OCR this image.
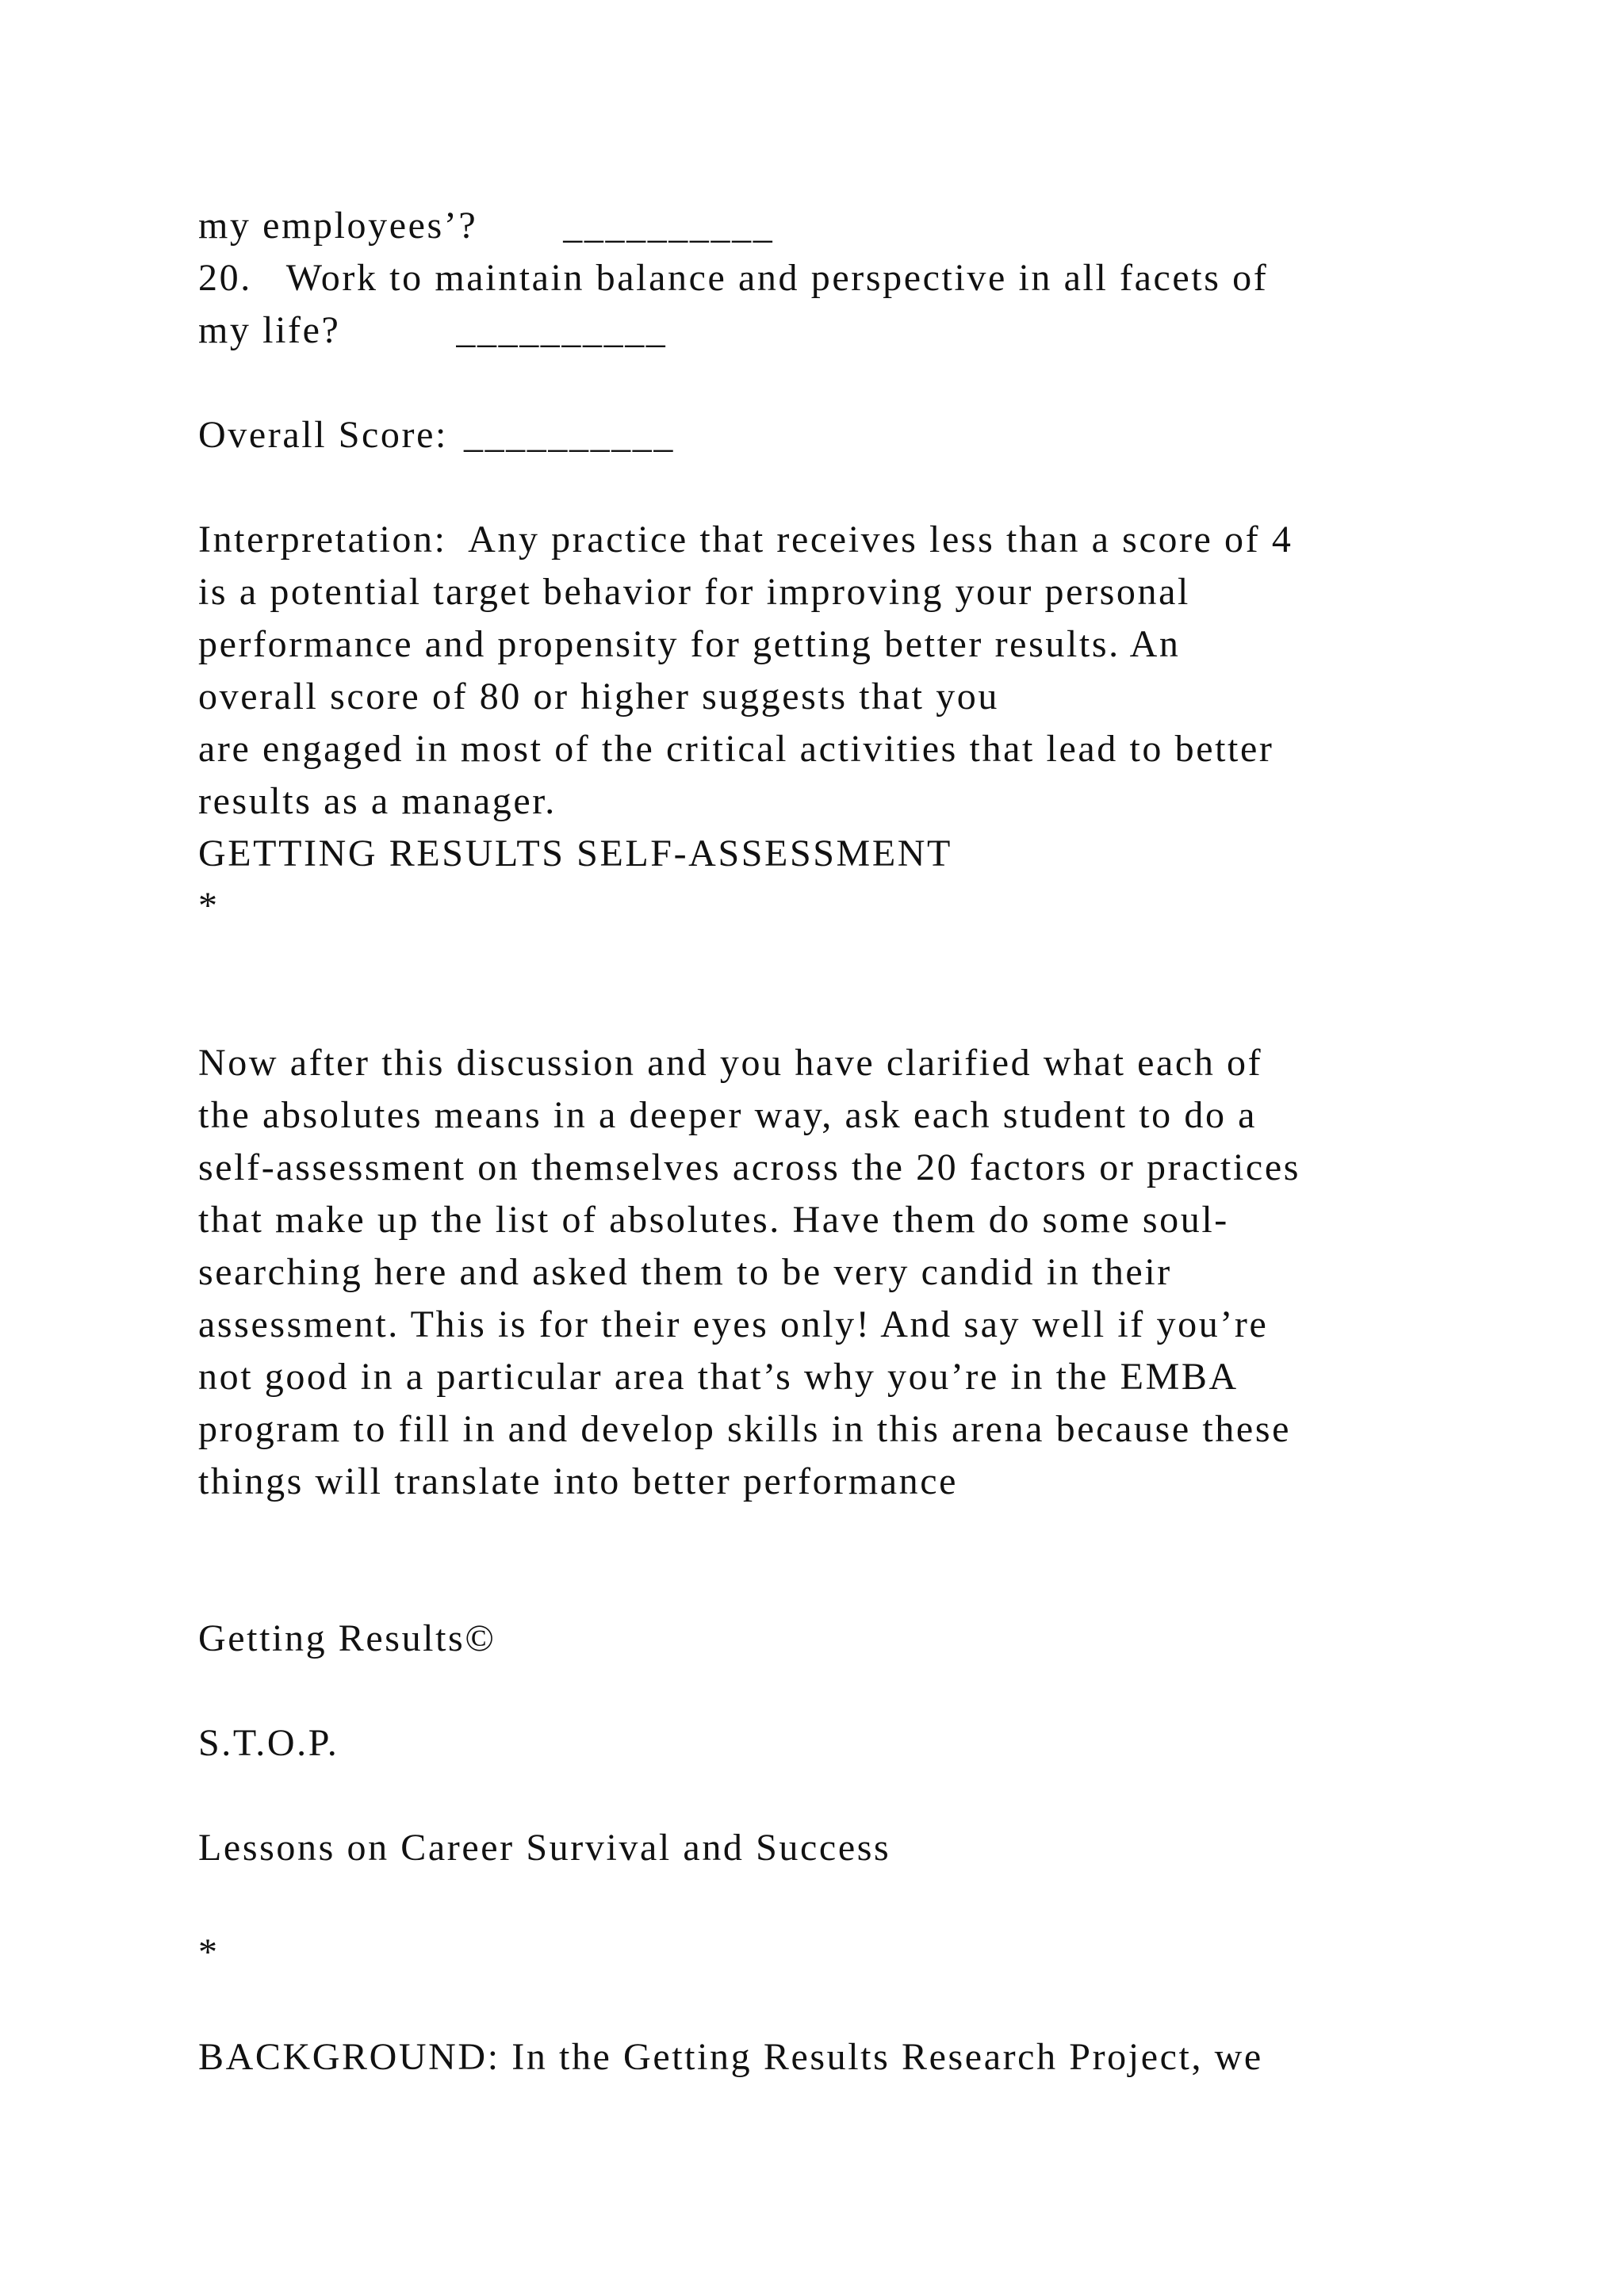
my employees’? __________
20.   Work to maintain balance and perspective in all facets of
my life?	__________
Overall Score: __________
Interpretation:  Any practice that receives less than a score of 4
is a potential target behavior for improving your personal
performance and propensity for getting better results. An
overall score of 80 or higher suggests that you
are engaged in most of the critical activities that lead to better
results as a manager.
GETTING RESULTS SELF-ASSESSMENT
*
Now after this discussion and you have clarified what each of
the absolutes means in a deeper way, ask each student to do a
self-assessment on themselves across the 20 factors or practices
that make up the list of absolutes. Have them do some soul-
searching here and asked them to be very candid in their
assessment. This is for their eyes only! And say well if you’re
not good in a particular area that’s why you’re in the EMBA
program to fill in and develop skills in this arena because these
things will translate into better performance
Getting Results©
S.T.O.P.
Lessons on Career Survival and Success
*
BACKGROUND: In the Getting Results Research Project, we
